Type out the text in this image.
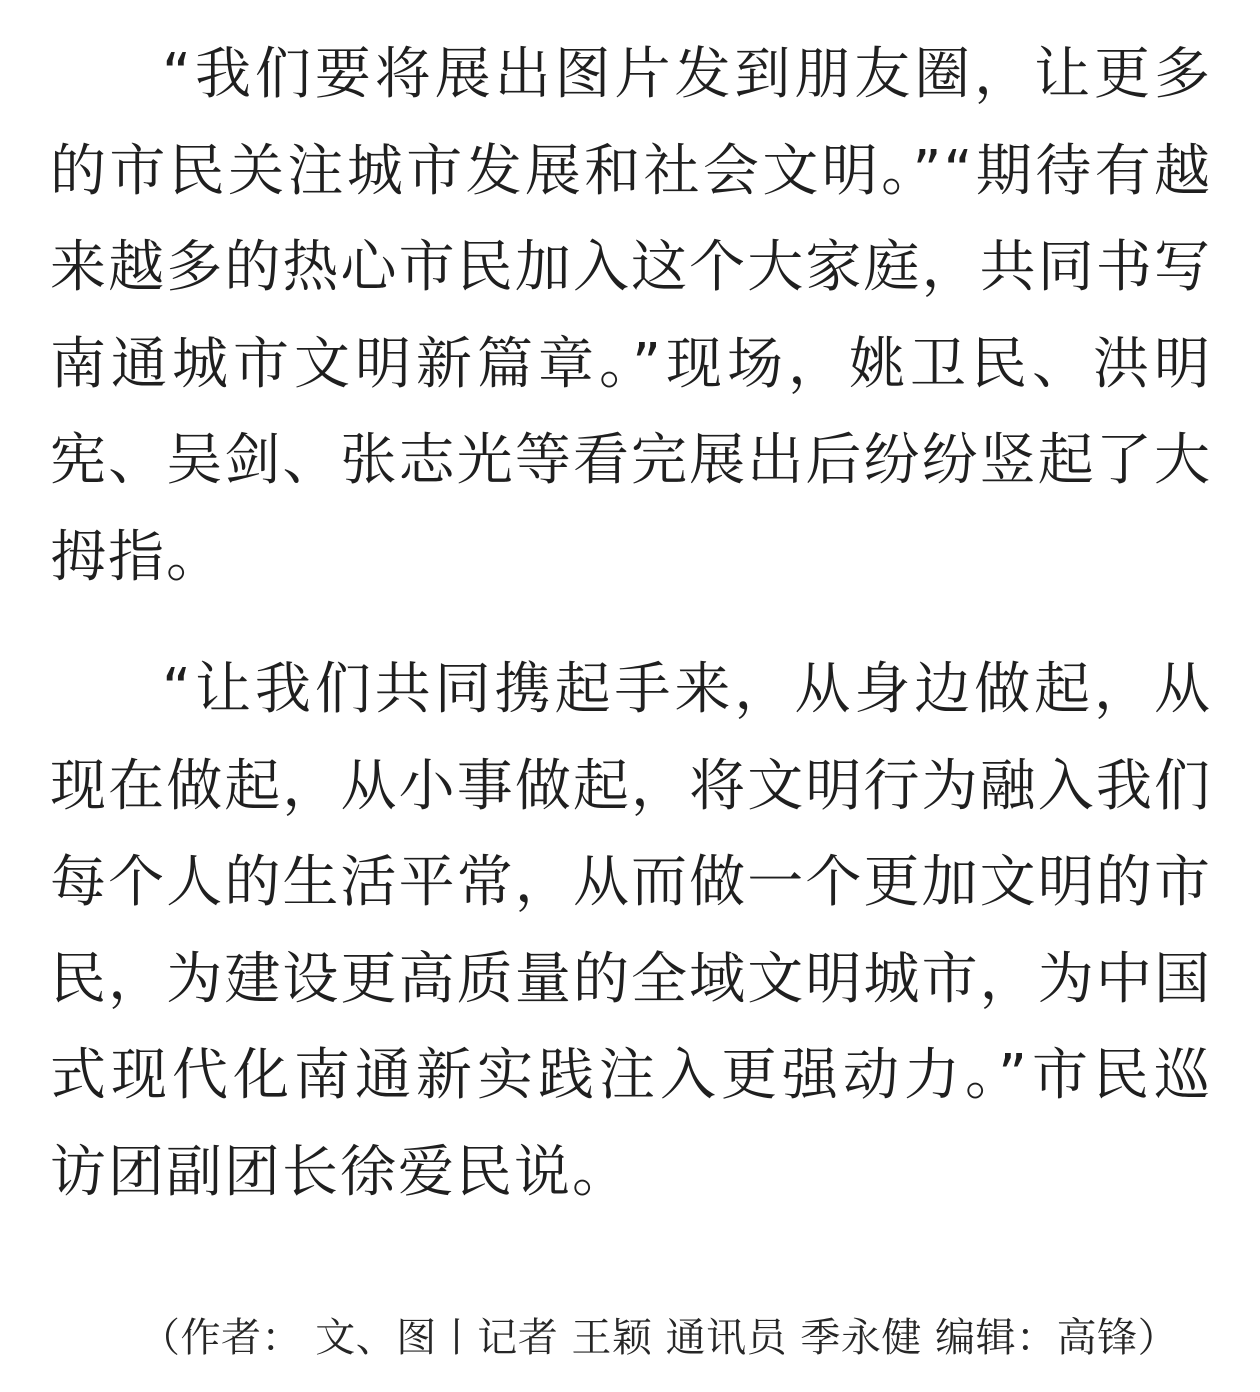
“我们要将展出图片发到朋友圈，让更多的市民关注城市发展和社会文明。”“期待有越来越多的热心市民加入这个大家庭，共同书写南通城市文明新篇章。”现场，姚卫民、洪明宪、吴剑、张志光等看完展出后纷纷竖起了大拇指。

“让我们共同携起手来，从身边做起，从现在做起，从小事做起，将文明行为融入我们每个人的生活平常，从而做一个更加文明的市民，为建设更高质量的全域文明城市，为中国式现代化南通新实践注入更强动力。”市民巡访团副团长徐爱民说。

（作者： 文、图丨记者 王颖 通讯员 季永健 编辑：高锋）
